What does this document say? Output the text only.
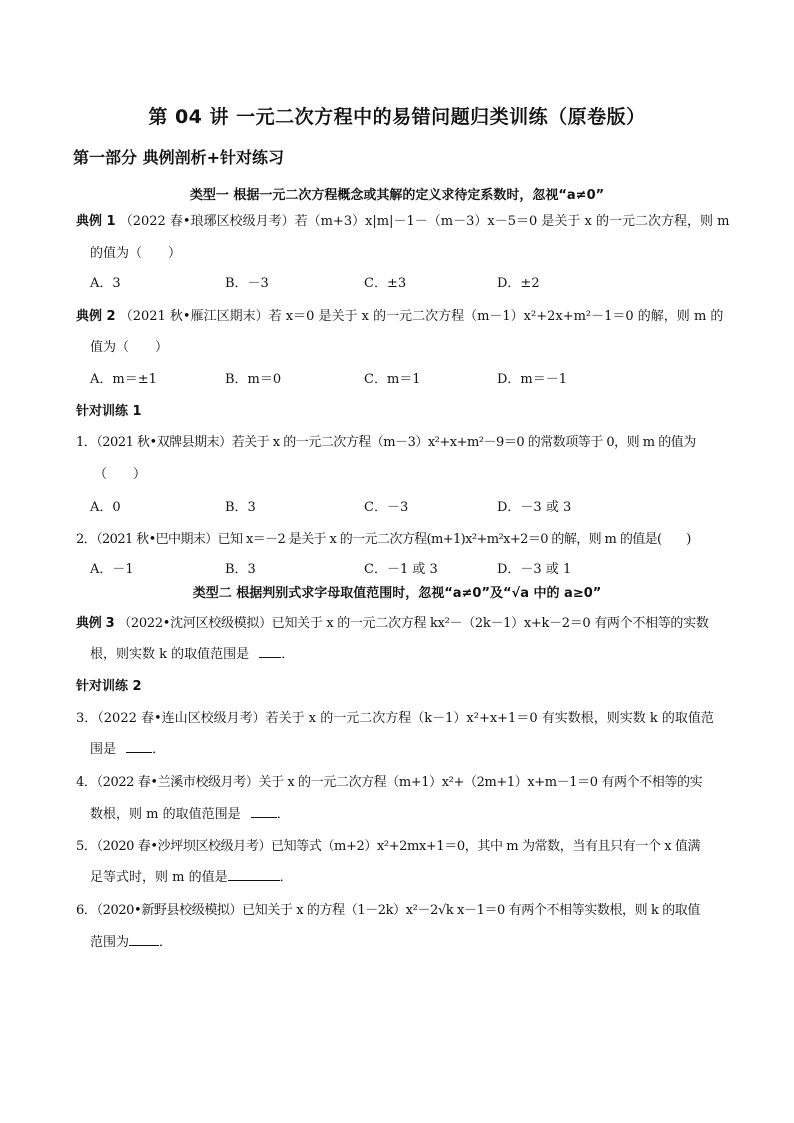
第 04 讲 一元二次方程中的易错问题归类训练（原卷版）
第一部分 典例剖析+针对练习
类型一 根据一元二次方程概念或其解的定义求待定系数时，忽视“a≠0”
典例 1 （2022 春•琅琊区校级月考）若（m+3）x|m|－1－（m－3）x－5＝0 是关于 x 的一元二次方程，则 m
的值为（　　）
A．3	B．－3	C．±3	D．±2
典例 2 （2021 秋•雁江区期末）若 x＝0 是关于 x 的一元二次方程（m－1）x²+2x+m²－1＝0 的解，则 m 的
值为（　　）
A．m＝±1	B．m＝0	C．m＝1	D．m＝－1
针对训练 1
1．（2021 秋•双牌县期末）若关于 x 的一元二次方程（m－3）x²+x+m²－9＝0 的常数项等于 0，则 m 的值为
（　　）
A．0	B．3	C．－3	D．－3 或 3
2．（2021 秋•巴中期末）已知 x＝－2 是关于 x 的一元二次方程(m+1)x²+m²x+2＝0 的解，则 m 的值是(　　)
A．－1	B．3	C．－1 或 3	D．－3 或 1
类型二 根据判别式求字母取值范围时，忽视“a≠0”及“√a 中的 a≥0”
典例 3 （2022•沈河区校级模拟）已知关于 x 的一元二次方程 kx²－（2k－1）x+k－2＝0 有两个不相等的实数
根，则实数 k 的取值范围是 ．
针对训练 2
3．（2022 春•连山区校级月考）若关于 x 的一元二次方程（k－1）x²+x+1＝0 有实数根，则实数 k 的取值范
围是	．
4．（2022 春•兰溪市校级月考）关于 x 的一元二次方程（m+1）x²+（2m+1）x+m－1＝0 有两个不相等的实
数根，则 m 的取值范围是	．
5．（2020 春•沙坪坝区校级月考）已知等式（m+2）x²+2mx+1＝0，其中 m 为常数，当有且只有一个 x 值满
足等式时，则 m 的值是	．
6．（2020•新野县校级模拟）已知关于 x 的方程（1－2k）x²－2√k x－1＝0 有两个不相等实数根，则 k 的取值
范围为 ．
